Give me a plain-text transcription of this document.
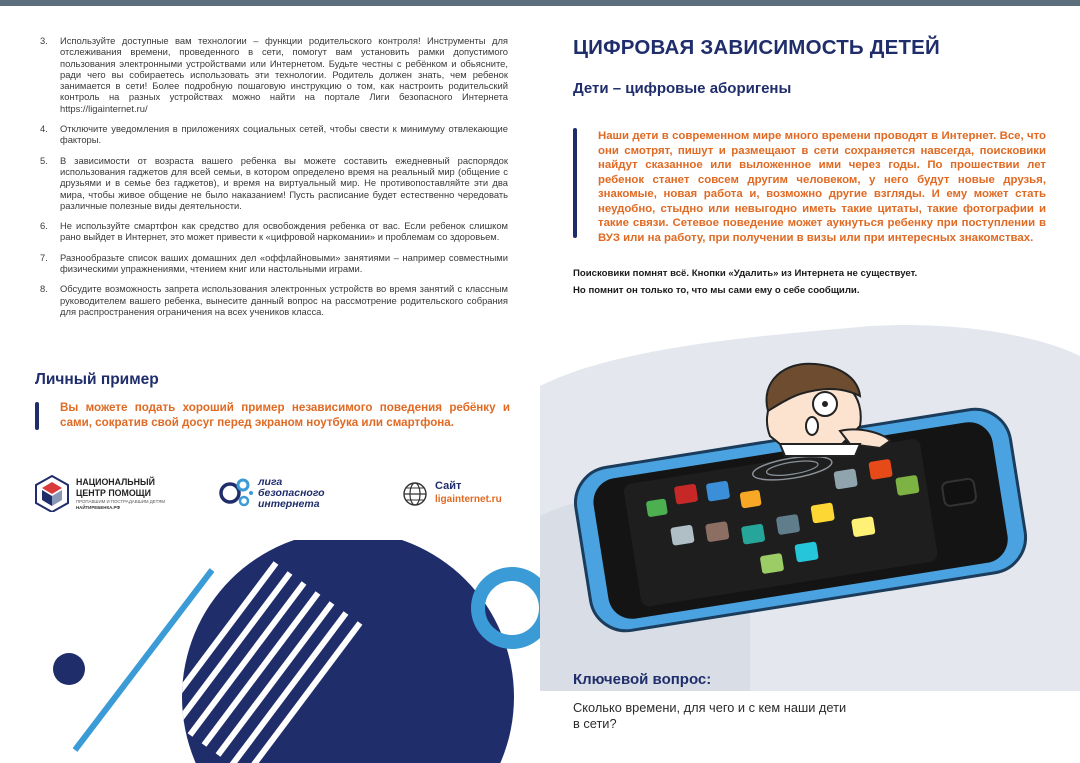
3. Используйте доступные вам технологии – функции родительского контроля! Инструменты для отслеживания времени, проведенного в сети, помогут вам установить рамки допустимого пользования электронными устройствами или Интернетом. Будьте честны с ребёнком и обьясните, ради чего вы собираетесь использовать эти технологии. Родитель должен знать, чем ребенок занимается в сети! Более подробную пошаговую инструкцию о том, как настроить родительский контроль на разных устройствах можно найти на портале Лиги безопасного Интернета https://ligainternet.ru/
4. Отключите уведомления в приложениях социальных сетей, чтобы свести к минимуму отвлекающие факторы.
5. В зависимости от возраста вашего ребенка вы можете составить ежедневный распорядок использования гаджетов для всей семьи, в котором определено время на реальный мир (общение с друзьями и в семье без гаджетов), и время на виртуальный мир. Не противопоставляйте эти два мира, чтобы живое общение не было наказанием! Пусть расписание будет естественно чередовать различные полезные виды деятельности.
6. Не используйте смартфон как средство для освобождения ребенка от вас. Если ребенок слишком рано выйдет в Интернет, это может привести к «цифровой наркомании» и проблемам со здоровьем.
7. Разнообразьте список ваших домашних дел «оффлайновыми» занятиями – например совместными физическими упражнениями, чтением книг или настольными играми.
8. Обсудите возможность запрета использования электронных устройств во время занятий с классным руководителем вашего ребенка, вынесите данный вопрос на рассмотрение родительского собрания для распространения ограничения на всех учеников класса.
Личный пример
Вы можете подать хороший пример независимого поведения ребёнку и сами, сократив свой досуг перед экраном ноутбука или смартфона.
НАЦИОНАЛЬНЫЙ
ЦЕНТР ПОМОЩИ
ПРОПАВШИМ И ПОСТРАДАВШИМ ДЕТЯМ
НАЙТИРЕБЕНКА.РФ
лига
безопасного
интернета
Сайт
ligainternet.ru
ЦИФРОВАЯ ЗАВИСИМОСТЬ ДЕТЕЙ
Дети – цифровые аборигены
Наши дети в современном мире много времени проводят в Интернет. Все, что они смотрят, пишут и размещают в сети сохраняется навсегда, поисковики найдут сказанное или выложенное ими через годы. По прошествии лет ребенок станет совсем другим человеком, у него будут новые друзья, знакомые, новая работа и, возможно другие взгляды. И ему может стать неудобно, стыдно или невыгодно иметь такие цитаты, такие фотографии и такие связи. Сетевое поведение может аукнуться ребенку при поступлении в ВУЗ или на работу, при получении в визы или при интересных знакомствах.
Поисковики помнят всё. Кнопки «Удалить» из Интернета не существует.
Но помнит он только то, что мы сами ему о себе сообщили.
Ключевой вопрос:
Сколько времени, для чего и с кем наши дети в сети?
